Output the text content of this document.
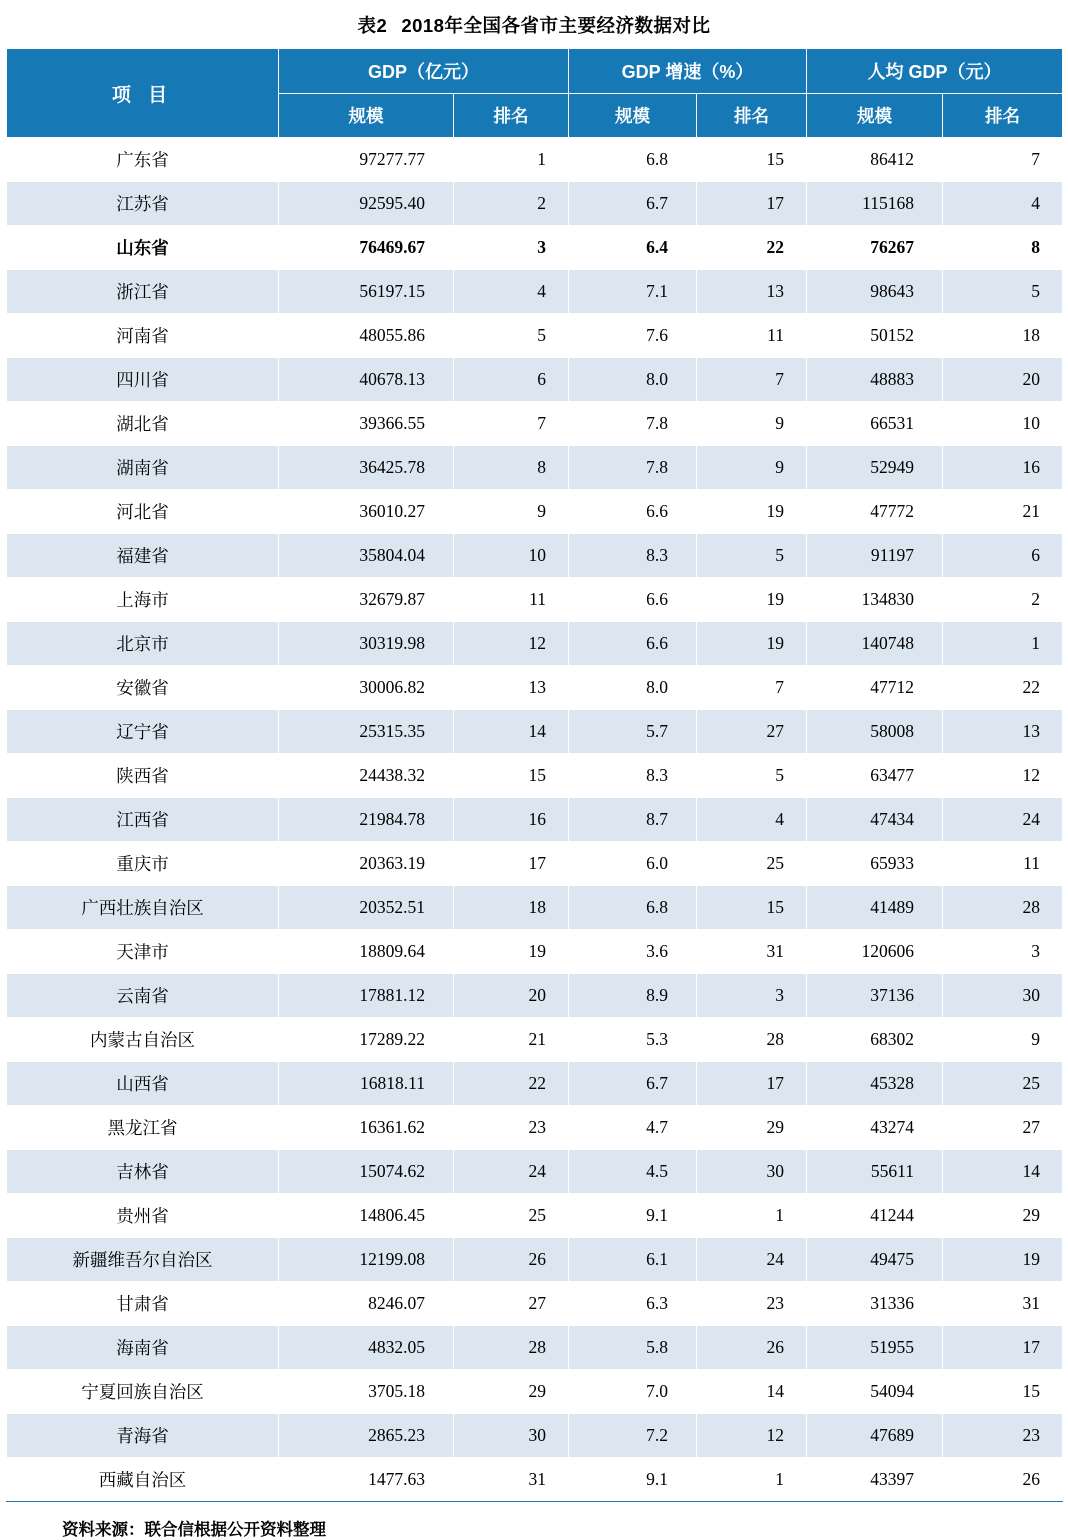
表2 2018年全国各省市主要经济数据对比
项 目	GDP（亿元）		GDP 增速（%）		人均 GDP（元）	
	规模	排名	规模	排名	规模	排名
广东省	97277.77	1	6.8	15	86412	7
江苏省	92595.40	2	6.7	17	115168	4
山东省	76469.67	3	6.4	22	76267	8
浙江省	56197.15	4	7.1	13	98643	5
河南省	48055.86	5	7.6	11	50152	18
四川省	40678.13	6	8.0	7	48883	20
湖北省	39366.55	7	7.8	9	66531	10
湖南省	36425.78	8	7.8	9	52949	16
河北省	36010.27	9	6.6	19	47772	21
福建省	35804.04	10	8.3	5	91197	6
上海市	32679.87	11	6.6	19	134830	2
北京市	30319.98	12	6.6	19	140748	1
安徽省	30006.82	13	8.0	7	47712	22
辽宁省	25315.35	14	5.7	27	58008	13
陕西省	24438.32	15	8.3	5	63477	12
江西省	21984.78	16	8.7	4	47434	24
重庆市	20363.19	17	6.0	25	65933	11
广西壮族自治区	20352.51	18	6.8	15	41489	28
天津市	18809.64	19	3.6	31	120606	3
云南省	17881.12	20	8.9	3	37136	30
内蒙古自治区	17289.22	21	5.3	28	68302	9
山西省	16818.11	22	6.7	17	45328	25
黑龙江省	16361.62	23	4.7	29	43274	27
吉林省	15074.62	24	4.5	30	55611	14
贵州省	14806.45	25	9.1	1	41244	29
新疆维吾尔自治区	12199.08	26	6.1	24	49475	19
甘肃省	8246.07	27	6.3	23	31336	31
海南省	4832.05	28	5.8	26	51955	17
宁夏回族自治区	3705.18	29	7.0	14	54094	15
青海省	2865.23	30	7.2	12	47689	23
西藏自治区	1477.63	31	9.1	1	43397	26
资料来源：联合信根据公开资料整理
